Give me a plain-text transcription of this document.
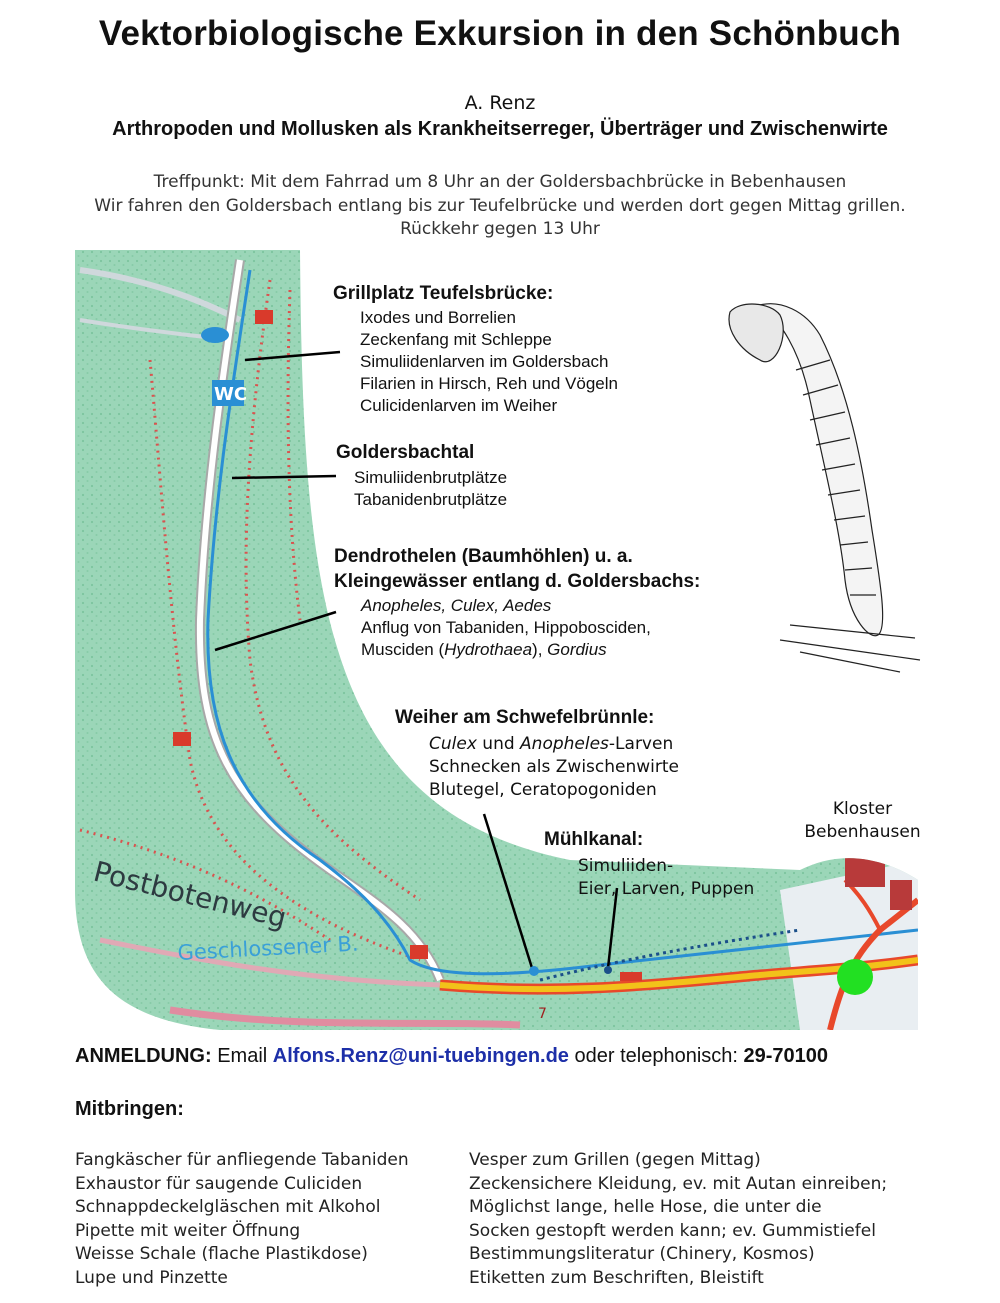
Vektorbiologische Exkursion in den Schönbuch
A. Renz
Arthropoden und Mollusken als Krankheitserreger, Überträger und Zwischenwirte
Treffpunkt: Mit dem Fahrrad um 8 Uhr an der Goldersbachbrücke in Bebenhausen
Wir fahren den Goldersbach entlang bis zur Teufelbrücke und werden dort gegen Mittag grillen.
Rückkehr gegen 13 Uhr
WC
Postbotenweg
Geschlossener B.
7
Grillplatz Teufelsbrücke:
Ixodes und Borrelien
Zeckenfang mit Schleppe
Simuliidenlarven im Goldersbach
Filarien in Hirsch, Reh und Vögeln
Culicidenlarven im Weiher
Goldersbachtal
Simuliidenbrutplätze
Tabanidenbrutplätze
Dendrothelen (Baumhöhlen) u. a.
Kleingewässer entlang d. Goldersbachs:
Anopheles, Culex, Aedes
Anflug von Tabaniden, Hippobosciden,
Musciden (Hydrothaea), Gordius
Weiher am Schwefelbrünnle:
Culex und Anopheles-Larven
Schnecken als Zwischenwirte
Blutegel, Ceratopogoniden
Mühlkanal:
Simuliiden-
Eier, Larven, Puppen
Kloster
Bebenhausen
ANMELDUNG: Email Alfons.Renz@uni-tuebingen.de oder telephonisch: 29-70100
Mitbringen:
Fangkäscher für anfliegende Tabaniden
Exhaustor für saugende Culiciden
Schnappdeckelgläschen mit Alkohol
Pipette mit weiter Öffnung
Weisse Schale (flache Plastikdose)
Lupe und Pinzette
Vesper zum Grillen (gegen Mittag)
Zeckensichere Kleidung, ev. mit Autan einreiben;
Möglichst lange, helle Hose, die unter die
Socken gestopft werden kann; ev. Gummistiefel
Bestimmungsliteratur (Chinery, Kosmos)
Etiketten zum Beschriften, Bleistift
